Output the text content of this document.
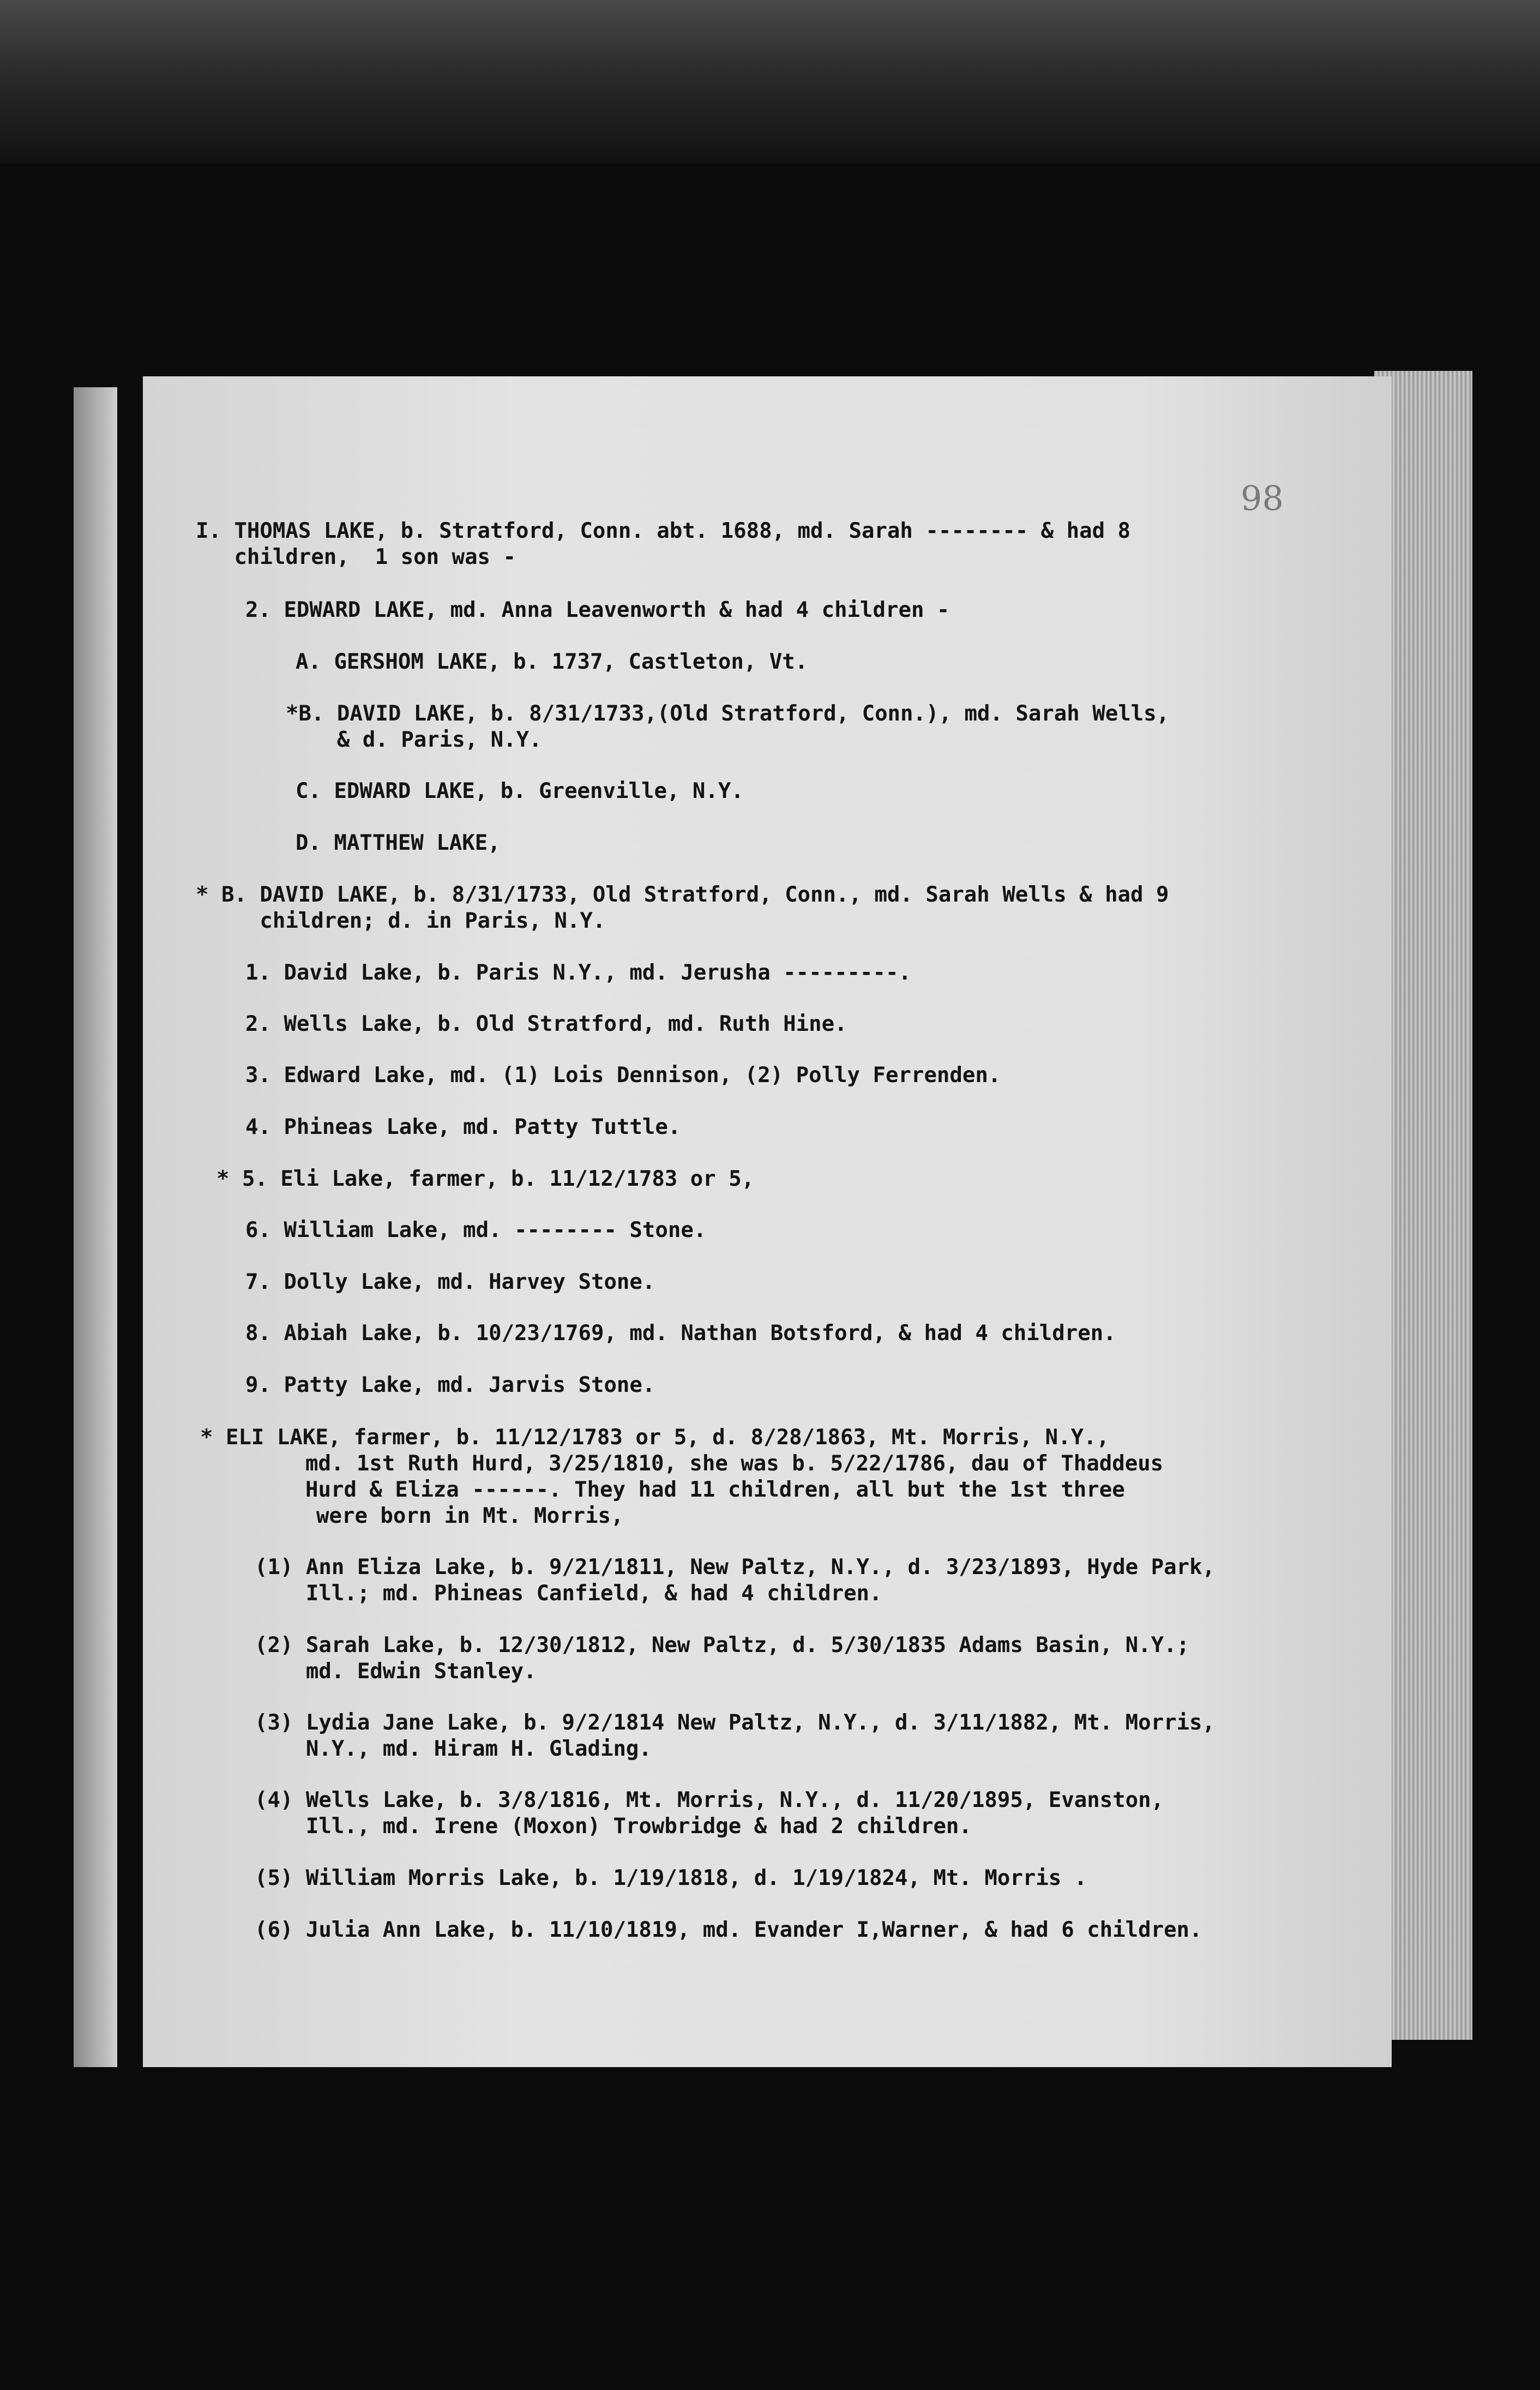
98

I. THOMAS LAKE, b. Stratford, Conn. abt. 1688, md. Sarah -------- & had 8

children,  1 son was -

2. EDWARD LAKE, md. Anna Leavenworth & had 4 children -

A. GERSHOM LAKE, b. 1737, Castleton, Vt.

*B. DAVID LAKE, b. 8/31/1733,(Old Stratford, Conn.), md. Sarah Wells,

& d. Paris, N.Y.

C. EDWARD LAKE, b. Greenville, N.Y.

D. MATTHEW LAKE,

* B. DAVID LAKE, b. 8/31/1733, Old Stratford, Conn., md. Sarah Wells & had 9

children; d. in Paris, N.Y.

1. David Lake, b. Paris N.Y., md. Jerusha ---------.

2. Wells Lake, b. Old Stratford, md. Ruth Hine.

3. Edward Lake, md. (1) Lois Dennison, (2) Polly Ferrenden.

4. Phineas Lake, md. Patty Tuttle.

* 5. Eli Lake, farmer, b. 11/12/1783 or 5,

6. William Lake, md. -------- Stone.

7. Dolly Lake, md. Harvey Stone.

8. Abiah Lake, b. 10/23/1769, md. Nathan Botsford, & had 4 children.

9. Patty Lake, md. Jarvis Stone.

* ELI LAKE, farmer, b. 11/12/1783 or 5, d. 8/28/1863, Mt. Morris, N.Y.,

md. 1st Ruth Hurd, 3/25/1810, she was b. 5/22/1786, dau of Thaddeus

Hurd & Eliza ------. They had 11 children, all but the 1st three

were born in Mt. Morris,

(1) Ann Eliza Lake, b. 9/21/1811, New Paltz, N.Y., d. 3/23/1893, Hyde Park,

Ill.; md. Phineas Canfield, & had 4 children.

(2) Sarah Lake, b. 12/30/1812, New Paltz, d. 5/30/1835 Adams Basin, N.Y.;

md. Edwin Stanley.

(3) Lydia Jane Lake, b. 9/2/1814 New Paltz, N.Y., d. 3/11/1882, Mt. Morris,

N.Y., md. Hiram H. Glading.

(4) Wells Lake, b. 3/8/1816, Mt. Morris, N.Y., d. 11/20/1895, Evanston,

Ill., md. Irene (Moxon) Trowbridge & had 2 children.

(5) William Morris Lake, b. 1/19/1818, d. 1/19/1824, Mt. Morris .

(6) Julia Ann Lake, b. 11/10/1819, md. Evander I,Warner, & had 6 children.
